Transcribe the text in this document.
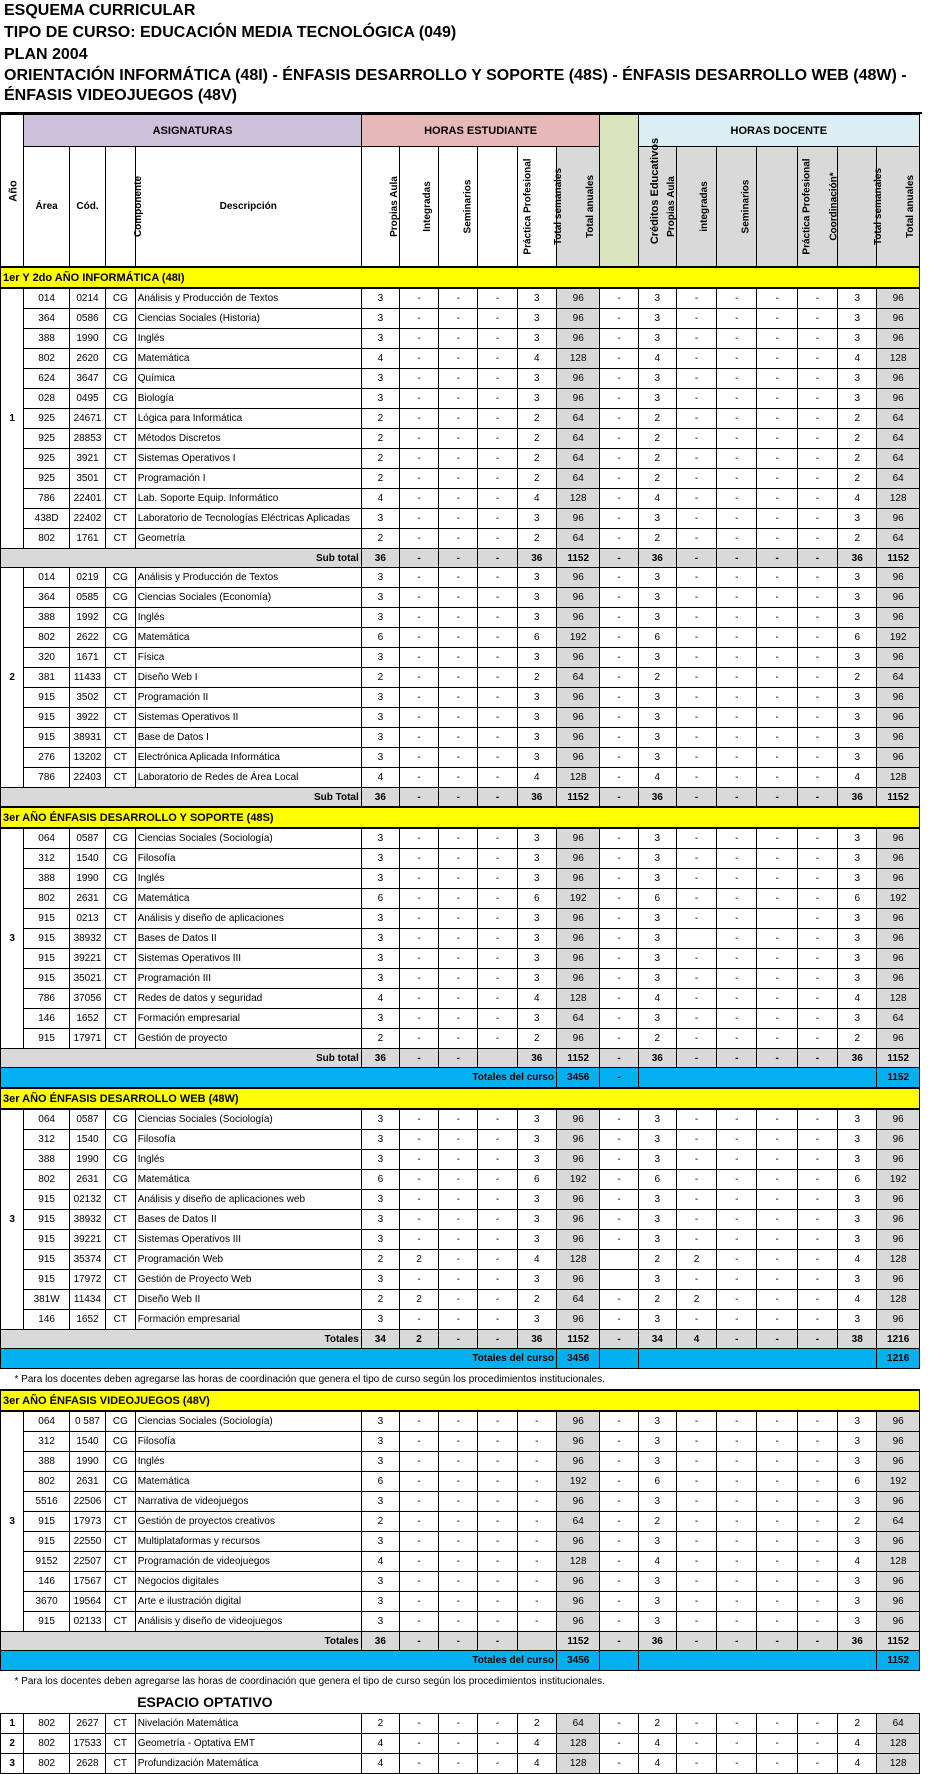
ESQUEMA CURRICULAR
TIPO DE CURSO: EDUCACIÓN MEDIA TECNOLÓGICA (049)
PLAN 2004
ORIENTACIÓN INFORMÁTICA (48I) - ÉNFASIS DESARROLLO Y SOPORTE (48S) - ÉNFASIS DESARROLLO WEB (48W) -
ÉNFASIS VIDEOJUEGOS (48V)
Año	ASIGNATURAS				HORAS ESTUDIANTE						Créditos Educativos	HORAS DOCENTE						
	Área	Cód.	Componente	Descripción	Propias Aula	Integradas	Seminarios	Práctica Profesional	Total semanales	Total anuales		Propias Aula	integradas	Seminarios	Práctica Profesional	Coordinación*	Total semanales	Total anuales
1er Y 2do AÑO INFORMÁTICA (48I)																		
1	014	0214	CG	Análisis y Producción de Textos	3	-	-	-	3	96	-	3	-	-	-	-	3	96
	364	0586	CG	Ciencias Sociales (Historia)	3	-	-	-	3	96	-	3	-	-	-	-	3	96
	388	1990	CG	Inglés	3	-	-	-	3	96	-	3	-	-	-	-	3	96
	802	2620	CG	Matemática	4	-	-	-	4	128	-	4	-	-	-	-	4	128
	624	3647	CG	Química	3	-	-	-	3	96	-	3	-	-	-	-	3	96
	028	0495	CG	Biología	3	-	-	-	3	96	-	3	-	-	-	-	3	96
	925	24671	CT	Lógica para Informática	2	-	-	-	2	64	-	2	-	-	-	-	2	64
	925	28853	CT	Métodos Discretos	2	-	-	-	2	64	-	2	-	-	-	-	2	64
	925	3921	CT	Sistemas Operativos I	2	-	-	-	2	64	-	2	-	-	-	-	2	64
	925	3501	CT	Programación I	2	-	-	-	2	64	-	2	-	-	-	-	2	64
	786	22401	CT	Lab. Soporte Equip. Informático	4	-	-	-	4	128	-	4	-	-	-	-	4	128
	438D	22402	CT	Laboratorio de Tecnologías Eléctricas Aplicadas	3	-	-	-	3	96	-	3	-	-	-	-	3	96
	802	1761	CT	Geometría	2	-	-	-	2	64	-	2	-	-	-	-	2	64
Sub total					36	-	-	-	36	1152	-	36	-	-	-	-	36	1152
2	014	0219	CG	Análisis y Producción de Textos	3	-	-	-	3	96	-	3	-	-	-	-	3	96
	364	0585	CG	Ciencias Sociales (Economía)	3	-	-	-	3	96	-	3	-	-	-	-	3	96
	388	1992	CG	Inglés	3	-	-	-	3	96	-	3	-	-	-	-	3	96
	802	2622	CG	Matemática	6	-	-	-	6	192	-	6	-	-	-	-	6	192
	320	1671	CT	Física	3	-	-	-	3	96	-	3	-	-	-	-	3	96
	381	11433	CT	Diseño Web I	2	-	-	-	2	64	-	2	-	-	-	-	2	64
	915	3502	CT	Programación II	3	-	-	-	3	96	-	3	-	-	-	-	3	96
	915	3922	CT	Sistemas Operativos II	3	-	-	-	3	96	-	3	-	-	-	-	3	96
	915	38931	CT	Base de Datos I	3	-	-	-	3	96	-	3	-	-	-	-	3	96
	276	13202	CT	Electrónica Aplicada Informática	3	-	-	-	3	96	-	3	-	-	-	-	3	96
	786	22403	CT	Laboratorio de Redes de Área Local	4	-	-	-	4	128	-	4	-	-	-	-	4	128
Sub Total					36	-	-	-	36	1152	-	36	-	-	-	-	36	1152
3er AÑO ÉNFASIS DESARROLLO Y SOPORTE (48S)																		
3	064	0587	CG	Ciencias Sociales (Sociología)	3	-	-	-	3	96	-	3	-	-	-	-	3	96
	312	1540	CG	Filosofía	3	-	-	-	3	96	-	3	-	-	-	-	3	96
	388	1990	CG	Inglés	3	-	-	-	3	96	-	3	-	-	-	-	3	96
	802	2631	CG	Matemática	6	-	-	-	6	192	-	6	-	-	-	-	6	192
	915	0213	CT	Análisis y diseño de aplicaciones	3	-	-	-	3	96	-	3	-	-		-	3	96
	915	38932	CT	Bases de Datos II	3	-	-	-	3	96	-	3		-	-	-	3	96
	915	39221	CT	Sistemas Operativos III	3	-	-	-	3	96	-	3	-	-	-	-	3	96
	915	35021	CT	Programación III	3	-	-	-	3	96	-	3	-	-	-	-	3	96
	786	37056	CT	Redes de datos y seguridad	4	-	-	-	4	128	-	4	-	-	-	-	4	128
	146	1652	CT	Formación empresarial	3	-	-	-	3	64	-	3	-	-	-	-	3	64
	915	17971	CT	Gestión de proyecto	2	-	-	-	2	96	-	2	-	-	-	-	2	96
Sub total					36	-	-		36	1152	-	36	-	-	-	-	36	1152
Totales del curso										3456	-							1152
3er AÑO ÉNFASIS DESARROLLO WEB (48W)																		
3	064	0587	CG	Ciencias Sociales (Sociología)	3	-	-	-	3	96	-	3	-	-	-	-	3	96
	312	1540	CG	Filosofía	3	-	-	-	3	96	-	3	-	-	-	-	3	96
	388	1990	CG	Inglés	3	-	-	-	3	96	-	3	-	-	-	-	3	96
	802	2631	CG	Matemática	6	-	-	-	6	192	-	6	-	-	-	-	6	192
	915	02132	CT	Análisis y diseño de aplicaciones web	3	-	-	-	3	96	-	3	-	-	-	-	3	96
	915	38932	CT	Bases de Datos II	3	-	-	-	3	96	-	3	-	-	-	-	3	96
	915	39221	CT	Sistemas Operativos III	3	-	-	-	3	96	-	3	-	-	-	-	3	96
	915	35374	CT	Programación Web	2	2	-	-	4	128		2	2	-	-	-	4	128
	915	17972	CT	Gestión de Proyecto Web	3	-	-	-	3	96		3	-	-	-	-	3	96
	381W	11434	CT	Diseño Web II	2	2	-	-	2	64	-	2	2	-	-	-	4	128
	146	1652	CT	Formación empresarial	3	-	-	-	3	96	-	3	-	-	-	-	3	96
Totales					34	2	-	-	36	1152	-	34	4	-	-	-	38	1216
Totales del curso										3456								1216
* Para los docentes deben agregarse las horas de coordinación que genera el tipo de curso según los procedimientos institucionales.																		
3er AÑO ÉNFASIS VIDEOJUEGOS (48V)																		
3	064	0 587	CG	Ciencias Sociales (Sociología)	3	-	-	-	-	96	-	3	-	-	-	-	3	96
	312	1540	CG	Filosofía	3	-	-	-	-	96	-	3	-	-	-	-	3	96
	388	1990	CG	Inglés	3	-	-	-	-	96	-	3	-	-	-	-	3	96
	802	2631	CG	Matemática	6	-	-	-	-	192	-	6	-	-	-	-	6	192
	5516	22506	CT	Narrativa de videojuegos	3	-	-	-	-	96	-	3	-	-	-	-	3	96
	915	17973	CT	Gestión de proyectos creativos	2	-	-	-	-	64	-	2	-	-	-	-	2	64
	915	22550	CT	Multiplataformas y recursos	3	-	-	-	-	96	-	3	-	-	-	-	3	96
	9152	22507	CT	Programación de videojuegos	4	-	-	-	-	128	-	4	-	-	-	-	4	128
	146	17567	CT	Negocios digitales	3	-	-	-	-	96	-	3	-	-	-	-	3	96
	3670	19564	CT	Arte e ilustración digital	3	-	-	-	-	96	-	3	-	-	-	-	3	96
	915	02133	CT	Análisis y diseño de videojuegos	3	-	-	-	-	96	-	3	-	-	-	-	3	96
Totales					36	-	-	-		1152	-	36	-	-	-	-	36	1152
Totales del curso										3456								1152
* Para los docentes deben agregarse las horas de coordinación que genera el tipo de curso según los procedimientos institucionales.																		
				ESPACIO OPTATIVO														
1	802	2627	CT	Nivelación Matemática	2	-	-	-	2	64	-	2	-	-	-	-	2	64
2	802	17533	CT	Geometría - Optativa EMT	4	-	-	-	4	128	-	4	-	-	-	-	4	128
3	802	2628	CT	Profundización Matemática	4	-	-	-	4	128	-	4	-	-	-	-	4	128
